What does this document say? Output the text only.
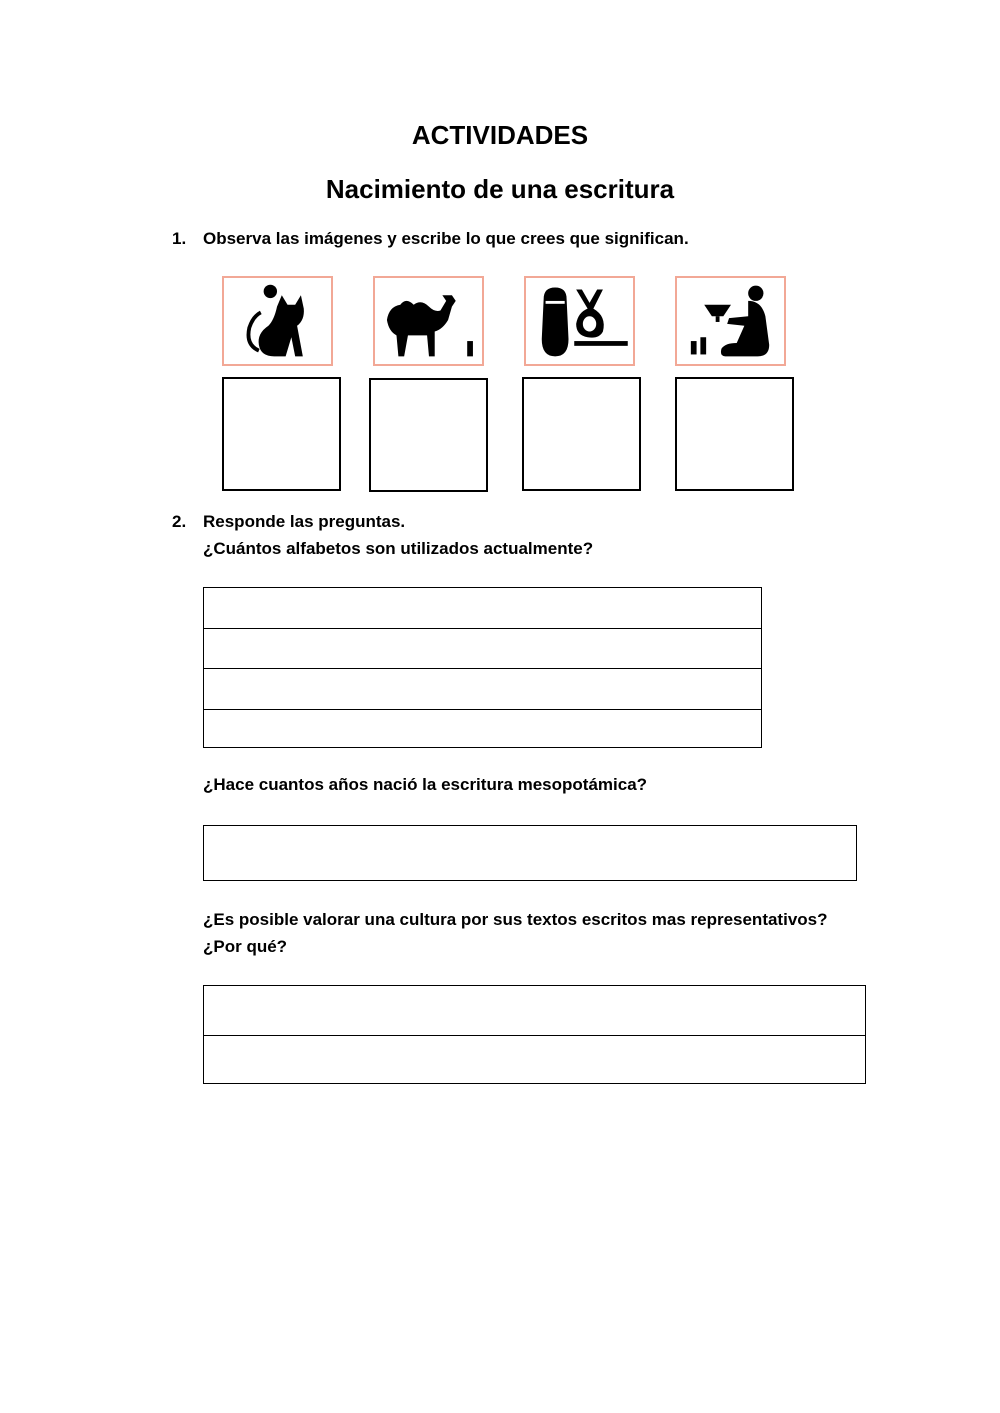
ACTIVIDADES
Nacimiento de una escritura
1. Observa las imágenes y escribe lo que crees que significan.
2. Responde las preguntas.
¿Cuántos alfabetos son utilizados actualmente?
¿Hace cuantos años nació la escritura mesopotámica?
¿Es posible valorar una cultura por sus textos escritos mas representativos?
¿Por qué?
